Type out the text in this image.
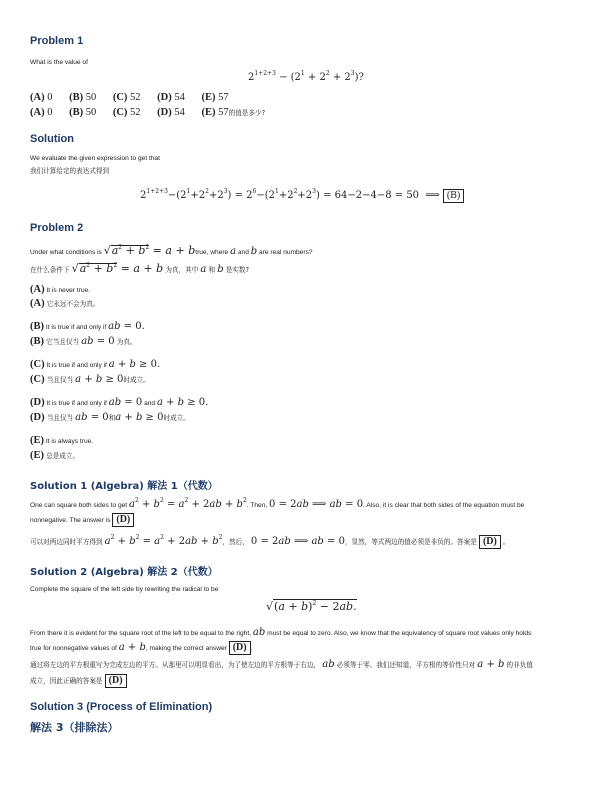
Problem 1
What is the value of
$2^{1+2+3} - (2^1 + 2^2 + 2^3)$?
(A) 0 (B) 50 (C) 52 (D) 54 (E) 57
(A) 0 (B) 50 (C) 52 (D) 54 (E) 57的值是多少?
Solution
We evaluate the given expression to get that
我们计算给定的表达式得到
$2^{1+2+3}-(2^1+2^2+2^3) = 2^6-(2^1+2^2+2^3) = 64-2-4-8 = 50$  ⟹ (B)
Problem 2
Under what conditions is $√a^2 + b^2 = a$ + btrue, where a and b are real numbers?
在什么条件下 $√a^2 + b^2 = a + b$ 为真，其中 a 和 b 是实数?
(A) It is never true.
(A) 它永远不会为真。
(B) It is true if and only if ab = 0.
(B) 它当且仅当 ab = 0 为真。
(C) It is true if and only if a + b ≥ 0.
(C) 当且仅当 a + b ≥ 0时成立。
(D) It is true if and only if ab = 0 and a + b ≥ 0.
(D) 当且仅当 ab = 0和a + b ≥ 0时成立。
(E) It is always true.
(E) 总是成立。
Solution 1 (Algebra) 解法 1（代数）
One can square both sides to get $a^2 + b^2 = a^2 + 2ab + b^2$. Then, 0 = 2ab ⟹ ab = 0. Also, it is clear that both sides of the equation must be
nonnegative. The answer is (D)
可以对两边同时平方得到 $a^2 + b^2 = a^2 + 2ab + b^2$，然后， 0 = 2ab ⟹ ab = 0，显然，等式两边的值必须是非负的。答案是 (D) 。
Solution 2 (Algebra) 解法 2（代数）
Complete the square of the left side by rewriting the radical to be
$√(a + b)^2 - 2ab$.
From there it is evident for the square root of the left to be equal to the right, ab must be equal to zero. Also, we know that the equivalency of square root values only holds
true for nonnegative values of a + b, making the correct answer (D) .
通过将左边的平方根重写为完成左边的平方。从那里可以明显看出，为了使左边的平方根等于右边， ab 必须等于零。我们还知道，平方根的等价性只对 a + b 的非负值
成立，因此正确的答案是 (D)
Solution 3 (Process of Elimination)
解法 3（排除法）
